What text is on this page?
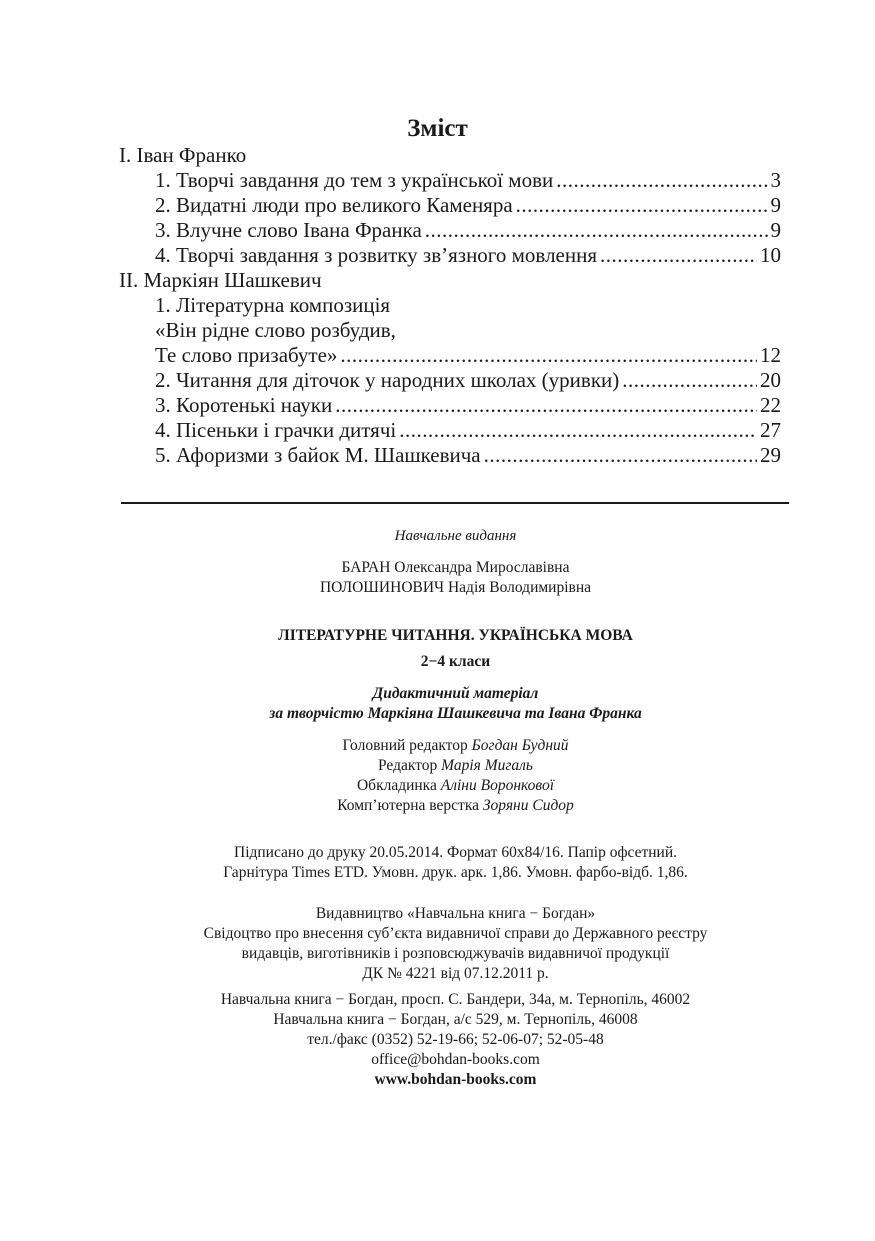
Зміст
I. Іван Франко
1. Творчі завдання до тем з української мови .....	3
2. Видатні люди про великого Каменяра .....	9
3. Влучне слово Івана Франка .....	9
4. Творчі завдання з розвитку зв’язного мовлення .....	10
II. Маркіян Шашкевич
1. Літературна композиція
«Він рідне слово розбудив,
Те слово призабуте» .....	12
2. Читання для діточок у народних школах (уривки) .....	20
3. Коротенькі науки .....	22
4. Пісеньки і грачки дитячі .....	27
5. Афоризми з байок М. Шашкевича .....	29
Навчальне видання
БАРАН Олександра Мирославівна
ПОЛОШИНОВИЧ Надія Володимирівна
ЛІТЕРАТУРНЕ ЧИТАННЯ. УКРАЇНСЬКА МОВА
2−4 класи
Дидактичний матеріал
за творчістю Маркіяна Шашкевича та Івана Франка
Головний редактор Богдан Будний
Редактор Марія Мигаль
Обкладинка Аліни Воронкової
Комп’ютерна верстка Зоряни Сидор
Підписано до друку 20.05.2014. Формат 60х84/16. Папір офсетний.
Гарнітура Times ETD. Умовн. друк. арк. 1,86. Умовн. фарбо-відб. 1,86.
Видавництво «Навчальна книга − Богдан»
Свідоцтво про внесення суб’єкта видавничої справи до Державного реєстру
видавців, виготівників і розповсюджувачів видавничої продукції
ДК № 4221 від 07.12.2011 р.
Навчальна книга − Богдан, просп. С. Бандери, 34а, м. Тернопіль, 46002
Навчальна книга − Богдан, а/с 529, м. Тернопіль, 46008
тел./факс (0352) 52-19-66; 52-06-07; 52-05-48
office@bohdan-books.com
www.bohdan-books.com
